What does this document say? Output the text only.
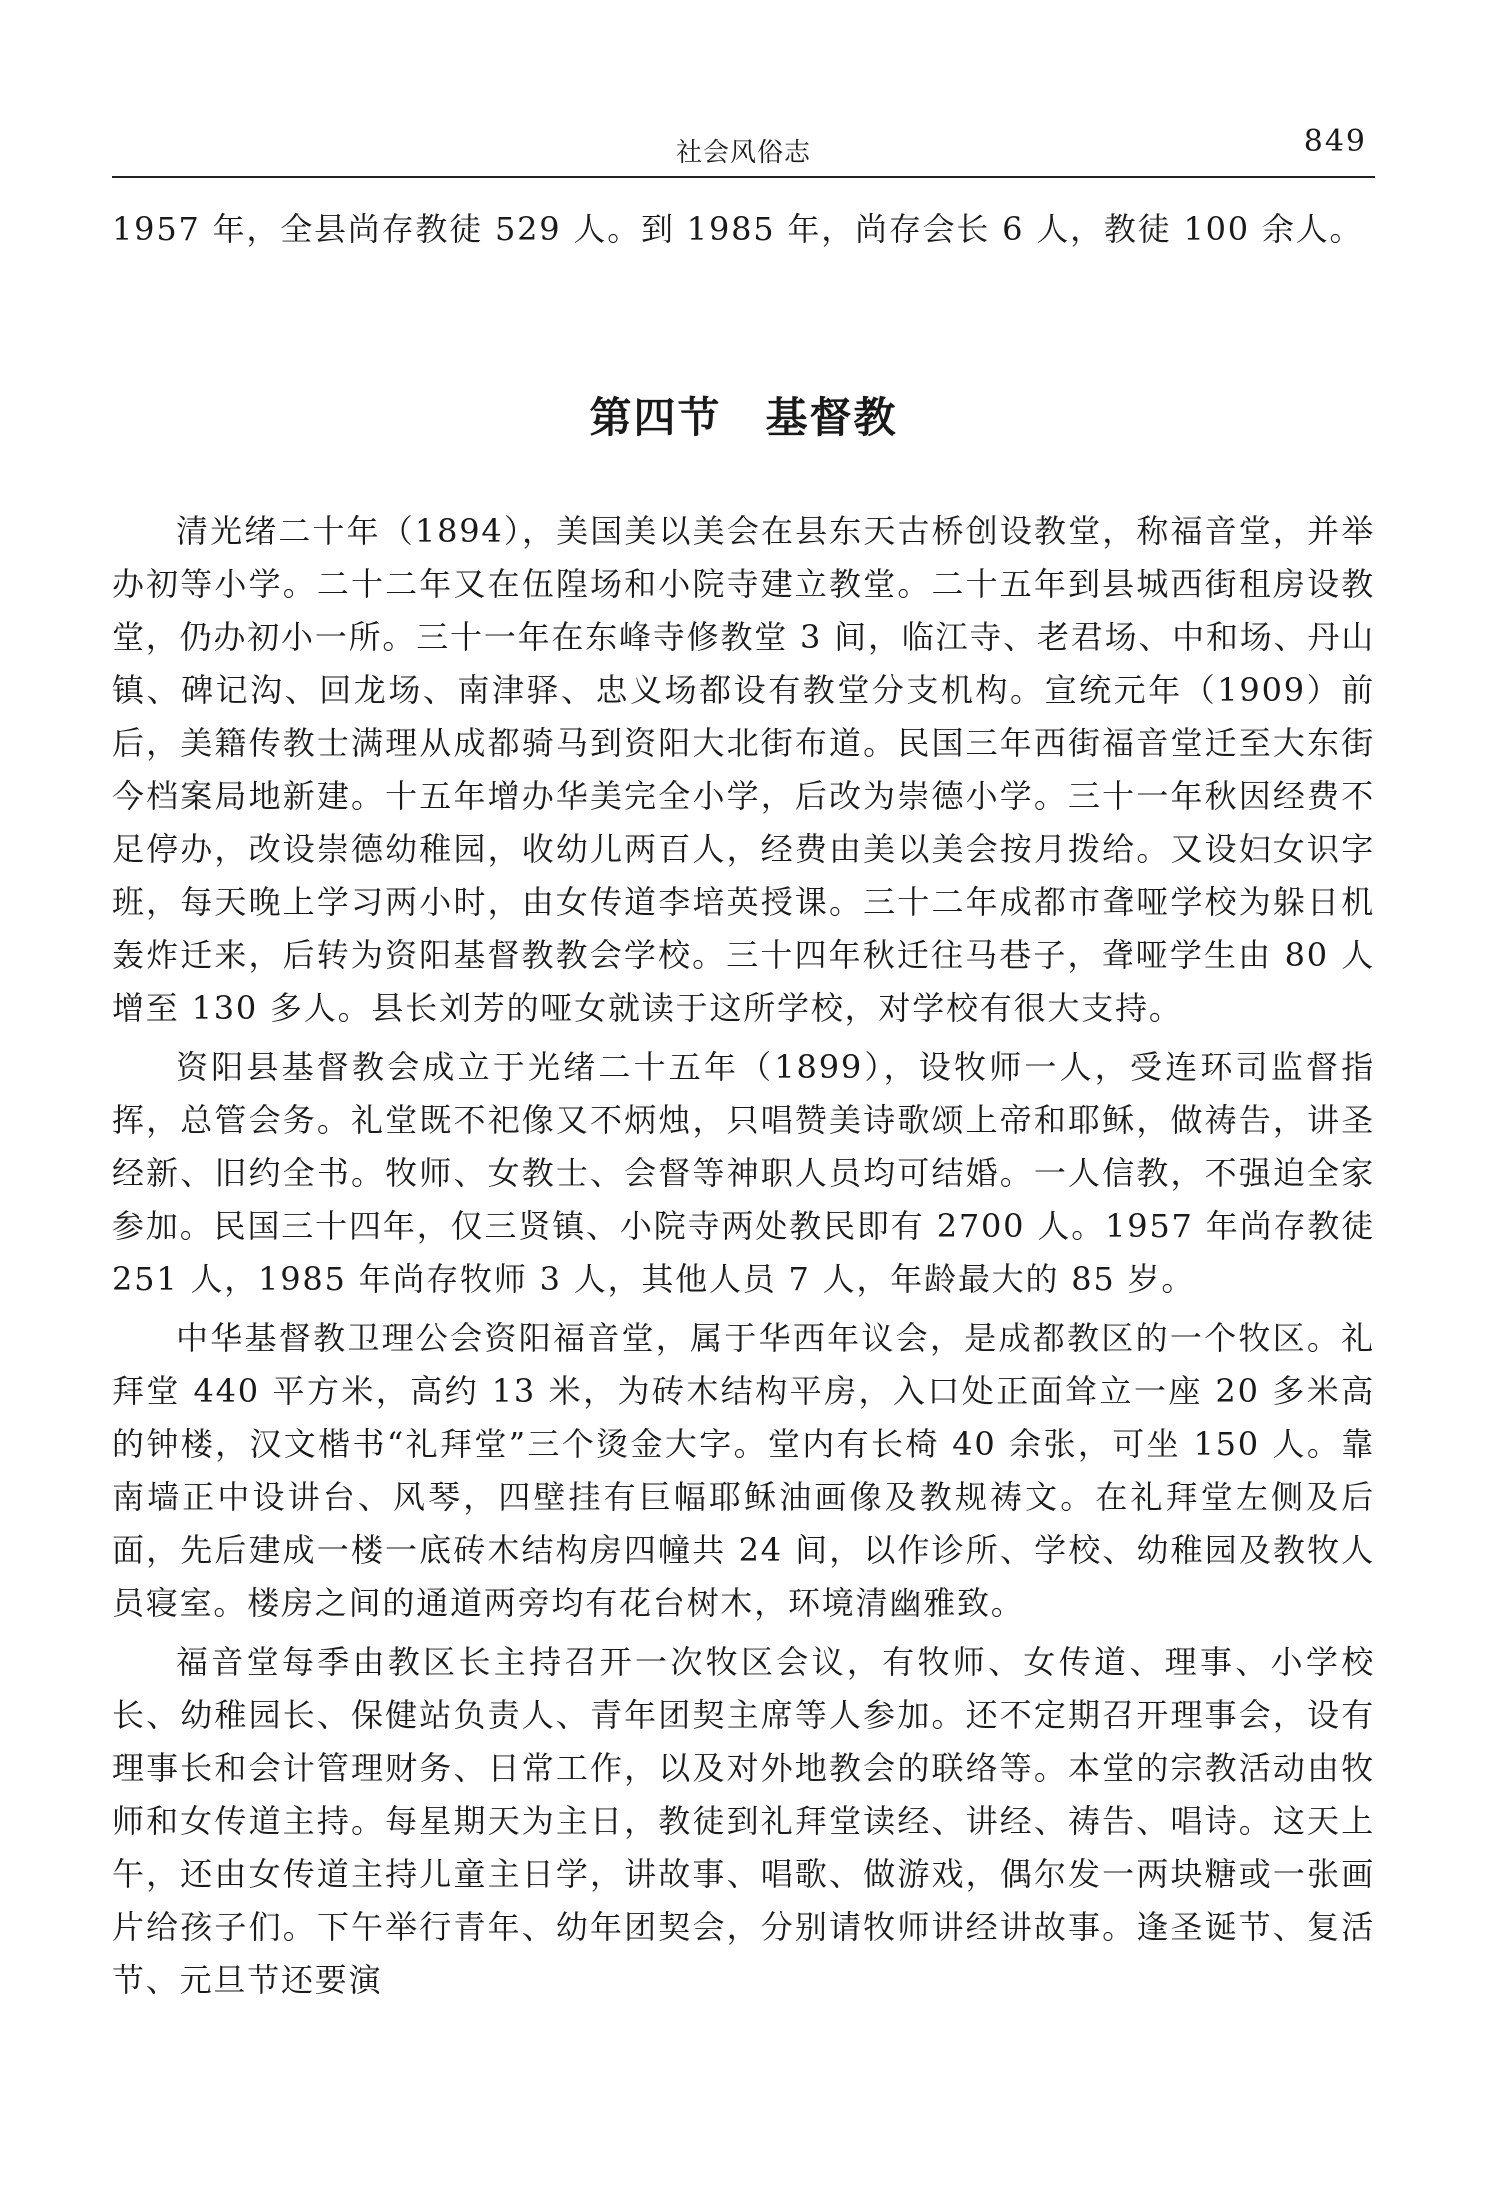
社会风俗志	849
1957 年，全县尚存教徒 529 人。到 1985 年，尚存会长 6 人，教徒 100 余人。
第四节　基督教

清光绪二十年（1894），美国美以美会在县东天古桥创设教堂，称福音堂，并举办初等小学。二十二年又在伍隍场和小院寺建立教堂。二十五年到县城西街租房设教堂，仍办初小一所。三十一年在东峰寺修教堂 3 间，临江寺、老君场、中和场、丹山镇、碑记沟、回龙场、南津驿、忠义场都设有教堂分支机构。宣统元年（1909）前后，美籍传教士满理从成都骑马到资阳大北街布道。民国三年西街福音堂迁至大东街今档案局地新建。十五年增办华美完全小学，后改为崇德小学。三十一年秋因经费不足停办，改设崇德幼稚园，收幼儿两百人，经费由美以美会按月拨给。又设妇女识字班，每天晚上学习两小时，由女传道李培英授课。三十二年成都市聋哑学校为躲日机轰炸迁来，后转为资阳基督教教会学校。三十四年秋迁往马巷子，聋哑学生由 80 人增至 130 多人。县长刘芳的哑女就读于这所学校，对学校有很大支持。

资阳县基督教会成立于光绪二十五年（1899），设牧师一人，受连环司监督指挥，总管会务。礼堂既不祀像又不炳烛，只唱赞美诗歌颂上帝和耶稣，做祷告，讲圣经新、旧约全书。牧师、女教士、会督等神职人员均可结婚。一人信教，不强迫全家参加。民国三十四年，仅三贤镇、小院寺两处教民即有 2700 人。1957 年尚存教徒 251 人，1985 年尚存牧师 3 人，其他人员 7 人，年龄最大的 85 岁。

中华基督教卫理公会资阳福音堂，属于华西年议会，是成都教区的一个牧区。礼拜堂 440 平方米，高约 13 米，为砖木结构平房，入口处正面耸立一座 20 多米高的钟楼，汉文楷书“礼拜堂”三个烫金大字。堂内有长椅 40 余张，可坐 150 人。靠南墙正中设讲台、风琴，四壁挂有巨幅耶稣油画像及教规祷文。在礼拜堂左侧及后面，先后建成一楼一底砖木结构房四幢共 24 间，以作诊所、学校、幼稚园及教牧人员寝室。楼房之间的通道两旁均有花台树木，环境清幽雅致。

福音堂每季由教区长主持召开一次牧区会议，有牧师、女传道、理事、小学校长、幼稚园长、保健站负责人、青年团契主席等人参加。还不定期召开理事会，设有理事长和会计管理财务、日常工作，以及对外地教会的联络等。本堂的宗教活动由牧师和女传道主持。每星期天为主日，教徒到礼拜堂读经、讲经、祷告、唱诗。这天上午，还由女传道主持儿童主日学，讲故事、唱歌、做游戏，偶尔发一两块糖或一张画片给孩子们。下午举行青年、幼年团契会，分别请牧师讲经讲故事。逢圣诞节、复活节、元旦节还要演
